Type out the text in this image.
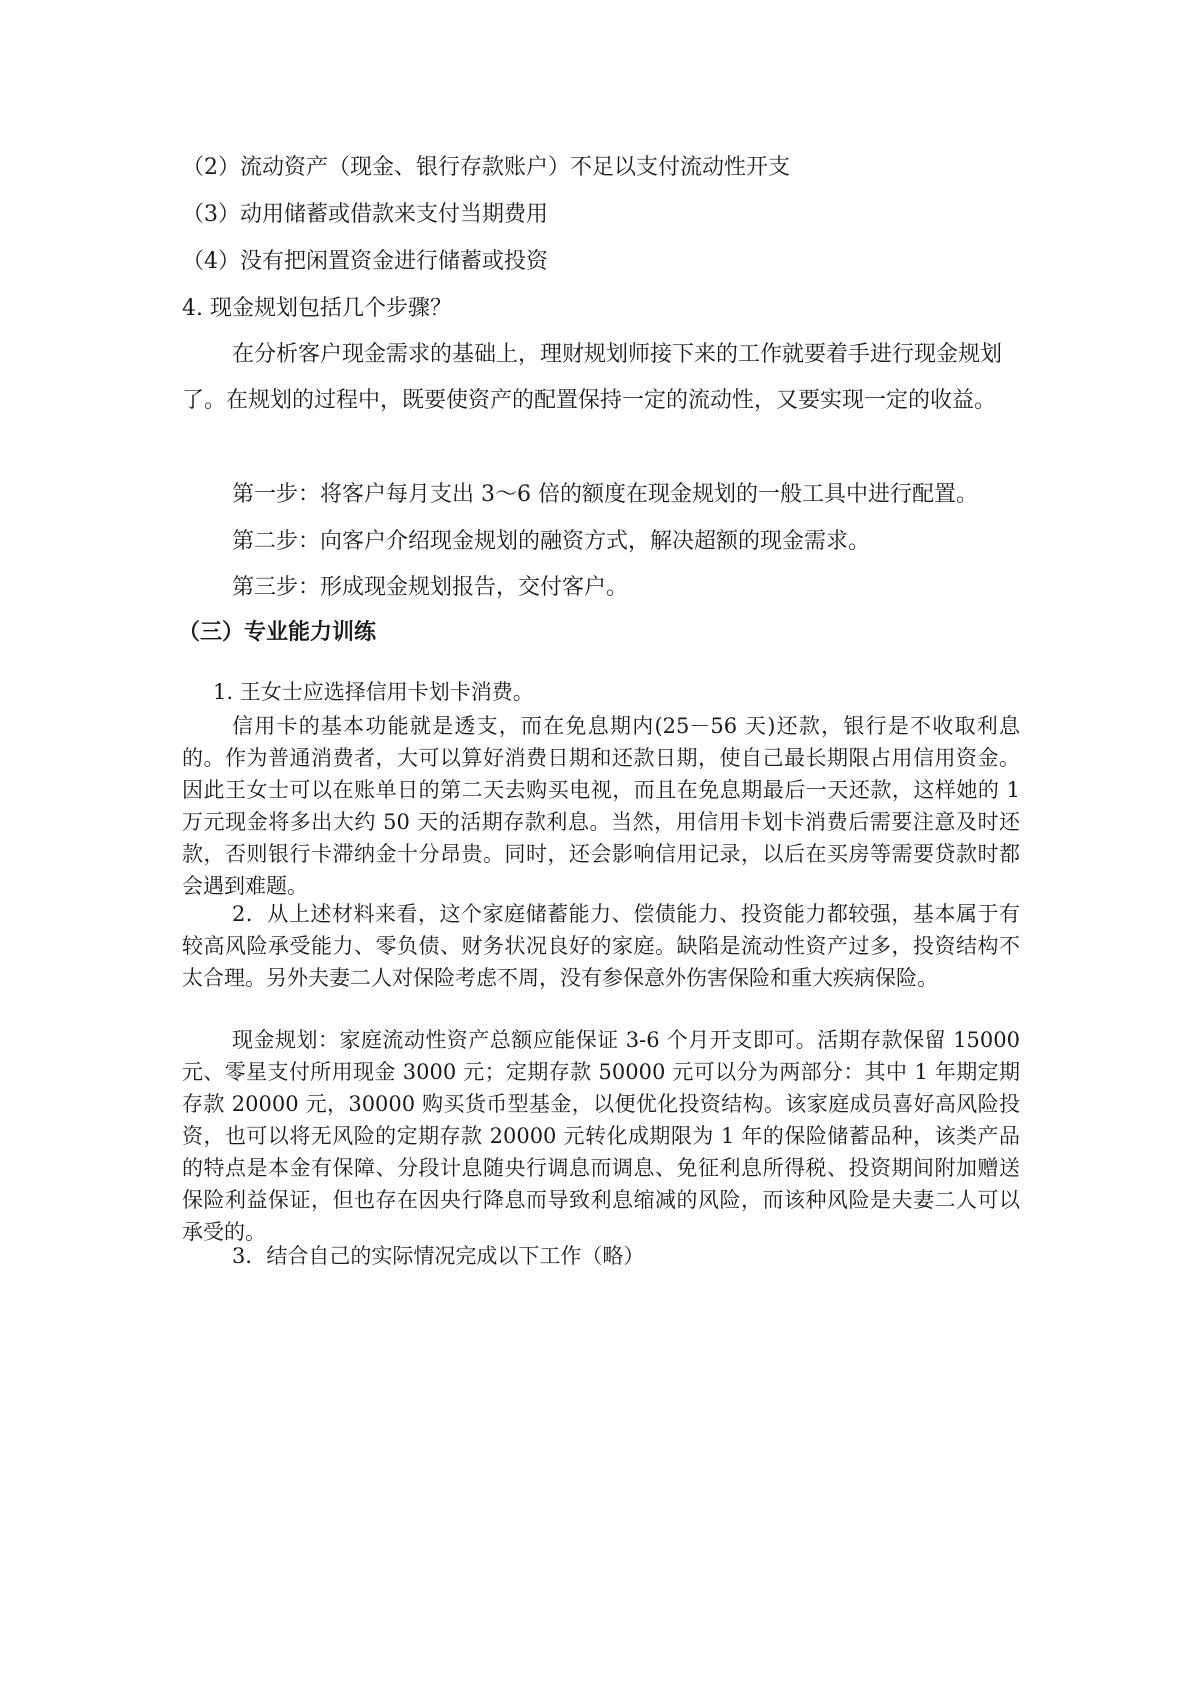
（2）流动资产（现金、银行存款账户）不足以支付流动性开支

（3）动用储蓄或借款来支付当期费用

（4）没有把闲置资金进行储蓄或投资

4. 现金规划包括几个步骤？

在分析客户现金需求的基础上，理财规划师接下来的工作就要着手进行现金规划了。在规划的过程中，既要使资产的配置保持一定的流动性，又要实现一定的收益。

第一步：将客户每月支出 3～6 倍的额度在现金规划的一般工具中进行配置。

第二步：向客户介绍现金规划的融资方式，解决超额的现金需求。

第三步：形成现金规划报告，交付客户。

（三）专业能力训练

1. 王女士应选择信用卡划卡消费。

信用卡的基本功能就是透支，而在免息期内(25－56 天)还款，银行是不收取利息的。作为普通消费者，大可以算好消费日期和还款日期，使自己最长期限占用信用资金。因此王女士可以在账单日的第二天去购买电视，而且在免息期最后一天还款，这样她的 1 万元现金将多出大约 50 天的活期存款利息。当然，用信用卡划卡消费后需要注意及时还款，否则银行卡滞纳金十分昂贵。同时，还会影响信用记录，以后在买房等需要贷款时都会遇到难题。

2．从上述材料来看，这个家庭储蓄能力、偿债能力、投资能力都较强，基本属于有较高风险承受能力、零负债、财务状况良好的家庭。缺陷是流动性资产过多，投资结构不太合理。另外夫妻二人对保险考虑不周，没有参保意外伤害保险和重大疾病保险。

现金规划：家庭流动性资产总额应能保证 3-6 个月开支即可。活期存款保留 15000 元、零星支付所用现金 3000 元；定期存款 50000 元可以分为两部分：其中 1 年期定期存款 20000 元，30000 购买货币型基金，以便优化投资结构。该家庭成员喜好高风险投资，也可以将无风险的定期存款 20000 元转化成期限为 1 年的保险储蓄品种，该类产品的特点是本金有保障、分段计息随央行调息而调息、免征利息所得税、投资期间附加赠送保险利益保证，但也存在因央行降息而导致利息缩减的风险，而该种风险是夫妻二人可以承受的。

3．结合自己的实际情况完成以下工作（略）
